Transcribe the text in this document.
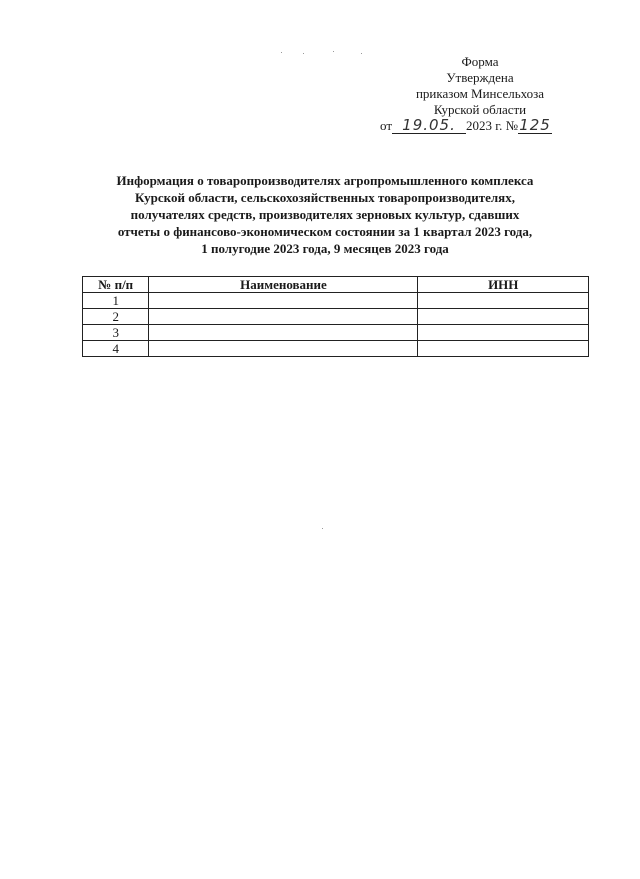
Форма
Утверждена
приказом Минсельхоза
Курской области
от 19.05. 2023 г. № 125
Информация о товаропроизводителях агропромышленного комплекса
Курской области, сельскохозяйственных товаропроизводителях,
получателях средств, производителях зерновых культур, сдавших
отчеты о финансово-экономическом состоянии за 1 квартал 2023 года,
1 полугодие 2023 года, 9 месяцев 2023 года
№ п/п	Наименование	ИНН
1		
2		
3		
4		
